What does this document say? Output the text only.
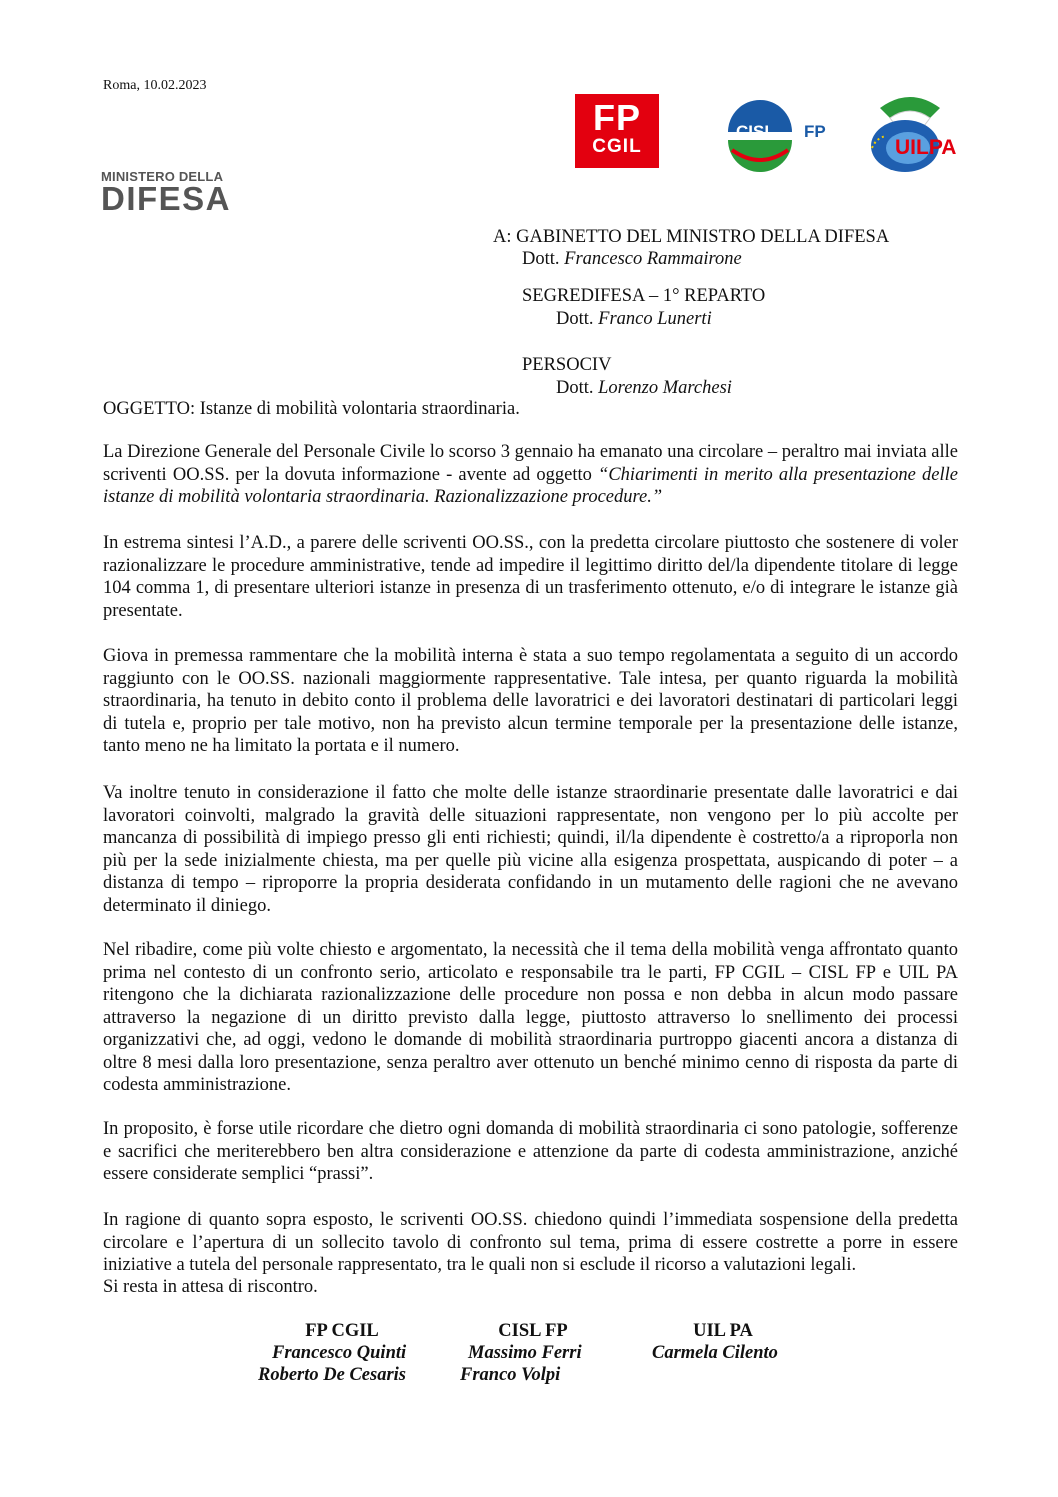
Roma, 10.02.2023
MINISTERO DELLA
DIFESA
FP
CGIL
CISL FP
UILPA
A: GABINETTO DEL MINISTRO DELLA DIFESA
Dott. Francesco Rammairone
SEGREDIFESA – 1° REPARTO
Dott. Franco Lunerti
PERSOCIV
Dott. Lorenzo Marchesi
OGGETTO: Istanze di mobilità volontaria straordinaria.
La Direzione Generale del Personale Civile lo scorso 3 gennaio ha emanato una circolare – peraltro mai inviata alle scriventi OO.SS. per la dovuta informazione - avente ad oggetto “Chiarimenti in merito alla presentazione delle istanze di mobilità volontaria straordinaria. Razionalizzazione procedure.”
In estrema sintesi l’A.D., a parere delle scriventi OO.SS., con la predetta circolare piuttosto che sostenere di voler razionalizzare le procedure amministrative, tende ad impedire il legittimo diritto del/la dipendente titolare di legge 104 comma 1, di presentare ulteriori istanze in presenza di un trasferimento ottenuto, e/o di integrare le istanze già presentate.
Giova in premessa rammentare che la mobilità interna è stata a suo tempo regolamentata a seguito di un accordo raggiunto con le OO.SS. nazionali maggiormente rappresentative. Tale intesa, per quanto riguarda la mobilità straordinaria, ha tenuto in debito conto il problema delle lavoratrici e dei lavoratori destinatari di particolari leggi di tutela e, proprio per tale motivo, non ha previsto alcun termine temporale per la presentazione delle istanze, tanto meno ne ha limitato la portata e il numero.
Va inoltre tenuto in considerazione il fatto che molte delle istanze straordinarie presentate dalle lavoratrici e dai lavoratori coinvolti, malgrado la gravità delle situazioni rappresentate, non vengono per lo più accolte per mancanza di possibilità di impiego presso gli enti richiesti; quindi, il/la dipendente è costretto/a a riproporla non più per la sede inizialmente chiesta, ma per quelle più vicine alla esigenza prospettata, auspicando di poter – a distanza di tempo – riproporre la propria desiderata confidando in un mutamento delle ragioni che ne avevano determinato il diniego.
Nel ribadire, come più volte chiesto e argomentato, la necessità che il tema della mobilità venga affrontato quanto prima nel contesto di un confronto serio, articolato e responsabile tra le parti, FP CGIL – CISL FP e UIL PA ritengono che la dichiarata razionalizzazione delle procedure non possa e non debba in alcun modo passare attraverso la negazione di un diritto previsto dalla legge, piuttosto attraverso lo snellimento dei processi organizzativi che, ad oggi, vedono le domande di mobilità straordinaria purtroppo giacenti ancora a distanza di oltre 8 mesi dalla loro presentazione, senza peraltro aver ottenuto un benché minimo cenno di risposta da parte di codesta amministrazione.
In proposito, è forse utile ricordare che dietro ogni domanda di mobilità straordinaria ci sono patologie, sofferenze e sacrifici che meriterebbero ben altra considerazione e attenzione da parte di codesta amministrazione, anziché essere considerate semplici “prassi”.
In ragione di quanto sopra esposto, le scriventi OO.SS. chiedono quindi l’immediata sospensione della predetta circolare e l’apertura di un sollecito tavolo di confronto sul tema, prima di essere costrette a porre in essere iniziative a tutela del personale rappresentato, tra le quali non si esclude il ricorso a valutazioni legali.
Si resta in attesa di riscontro.
FP CGIL
Francesco Quinti
Roberto De Cesaris
CISL FP
Massimo Ferri
Franco Volpi
UIL PA
Carmela Cilento
